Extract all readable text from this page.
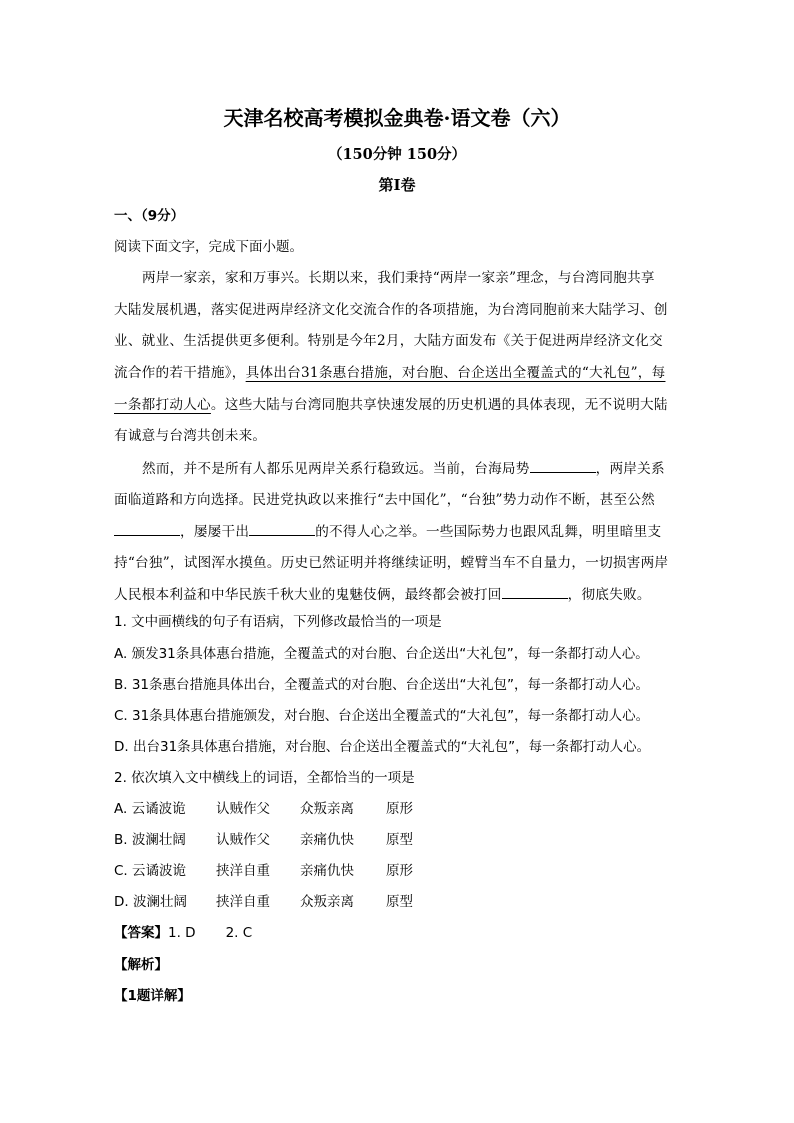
天津名校高考模拟金典卷·语文卷（六）
（150分钟 150分）
第Ⅰ卷
一、（9分）
阅读下面文字，完成下面小题。
两岸一家亲，家和万事兴。长期以来，我们秉持“两岸一家亲”理念，与台湾同胞共享
大陆发展机遇，落实促进两岸经济文化交流合作的各项措施，为台湾同胞前来大陆学习、创
业、就业、生活提供更多便利。特别是今年2月，大陆方面发布《关于促进两岸经济文化交
流合作的若干措施》，具体出台31条惠台措施，对台胞、台企送出全覆盖式的“大礼包”，每
一条都打动人心。这些大陆与台湾同胞共享快速发展的历史机遇的具体表现，无不说明大陆
有诚意与台湾共创未来。
然而，并不是所有人都乐见两岸关系行稳致远。当前，台海局势	，两岸关系
面临道路和方向选择。民进党执政以来推行“去中国化”，“台独”势力动作不断，甚至公然
，屡屡干出	的不得人心之举。一些国际势力也跟风乱舞，明里暗里支
持“台独”，试图浑水摸鱼。历史已然证明并将继续证明，螳臂当车不自量力，一切损害两岸
人民根本利益和中华民族千秋大业的鬼魅伎俩，最终都会被打回	，彻底失败。
1. 文中画横线的句子有语病，下列修改最恰当的一项是
A. 颁发31条具体惠台措施，全覆盖式的对台胞、台企送出“大礼包”，每一条都打动人心。
B. 31条惠台措施具体出台，全覆盖式的对台胞、台企送出“大礼包”，每一条都打动人心。
C. 31条具体惠台措施颁发，对台胞、台企送出全覆盖式的“大礼包”，每一条都打动人心。
D. 出台31条具体惠台措施，对台胞、台企送出全覆盖式的“大礼包”，每一条都打动人心。
2. 依次填入文中横线上的词语，全都恰当的一项是
A. 云谲波诡 认贼作父 众叛亲离 原形
B. 波澜壮阔 认贼作父 亲痛仇快 原型
C. 云谲波诡 挟洋自重 亲痛仇快 原形
D. 波澜壮阔 挟洋自重 众叛亲离 原型
【答案】1. D 2. C
【解析】
【1题详解】
